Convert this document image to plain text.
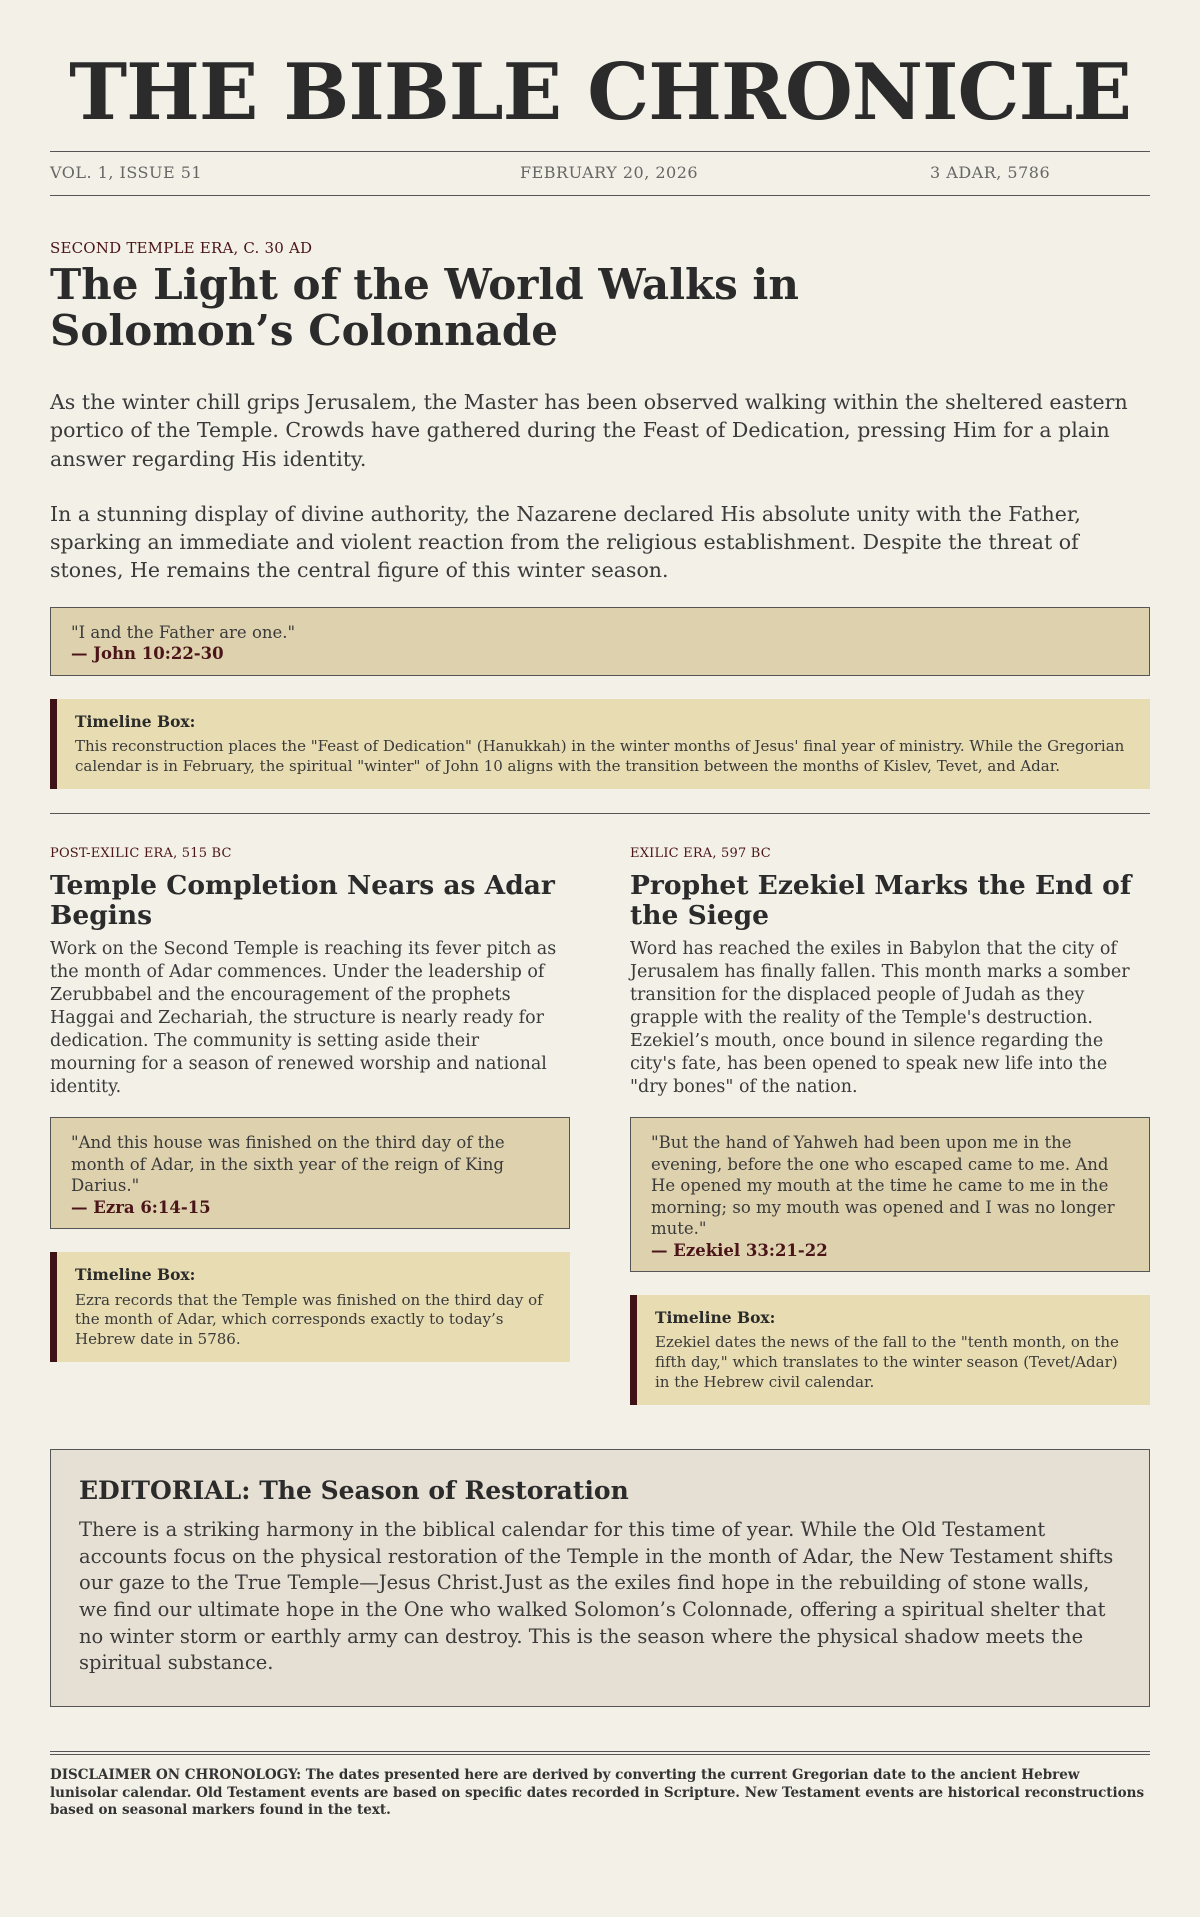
THE BIBLE CHRONICLE
VOL. 1, ISSUE 51	FEBRUARY 20, 2026	3 ADAR, 5786
SECOND TEMPLE ERA, C. 30 AD
The Light of the World Walks in Solomon’s Colonnade

As the winter chill grips Jerusalem, the Master has been observed walking within the sheltered eastern portico of the Temple. Crowds have gathered during the Feast of Dedication, pressing Him for a plain answer regarding His identity.

In a stunning display of divine authority, the Nazarene declared His absolute unity with the Father, sparking an immediate and violent reaction from the religious establishment. Despite the threat of stones, He remains the central figure of this winter season.

"I and the Father are one."
— John 10:22-30
Timeline Box:
This reconstruction places the "Feast of Dedication" (Hanukkah) in the winter months of Jesus' final year of ministry. While the Gregorian calendar is in February, the spiritual "winter" of John 10 aligns with the transition between the months of Kislev, Tevet, and Adar.
POST-EXILIC ERA, 515 BC
Temple Completion Nears as Adar Begins

Work on the Second Temple is reaching its fever pitch as the month of Adar commences. Under the leadership of Zerubbabel and the encouragement of the prophets Haggai and Zechariah, the structure is nearly ready for dedication. The community is setting aside their mourning for a season of renewed worship and national identity.

"And this house was finished on the third day of the month of Adar, in the sixth year of the reign of King Darius."
— Ezra 6:14-15
Timeline Box:
Ezra records that the Temple was finished on the third day of the month of Adar, which corresponds exactly to today’s Hebrew date in 5786.
EXILIC ERA, 597 BC
Prophet Ezekiel Marks the End of the Siege

Word has reached the exiles in Babylon that the city of Jerusalem has finally fallen. This month marks a somber transition for the displaced people of Judah as they grapple with the reality of the Temple's destruction. Ezekiel’s mouth, once bound in silence regarding the city's fate, has been opened to speak new life into the "dry bones" of the nation.

"But the hand of Yahweh had been upon me in the evening, before the one who escaped came to me. And He opened my mouth at the time he came to me in the morning; so my mouth was opened and I was no longer mute."
— Ezekiel 33:21-22
Timeline Box:
Ezekiel dates the news of the fall to the "tenth month, on the fifth day," which translates to the winter season (Tevet/Adar) in the Hebrew civil calendar.
EDITORIAL: The Season of Restoration

There is a striking harmony in the biblical calendar for this time of year. While the Old Testament accounts focus on the physical restoration of the Temple in the month of Adar, the New Testament shifts our gaze to the True Temple—Jesus Christ.Just as the exiles find hope in the rebuilding of stone walls, we find our ultimate hope in the One who walked Solomon’s Colonnade, offering a spiritual shelter that no winter storm or earthly army can destroy. This is the season where the physical shadow meets the spiritual substance.

DISCLAIMER ON CHRONOLOGY: The dates presented here are derived by converting the current Gregorian date to the ancient Hebrew lunisolar calendar. Old Testament events are based on specific dates recorded in Scripture. New Testament events are historical reconstructions based on seasonal markers found in the text.
